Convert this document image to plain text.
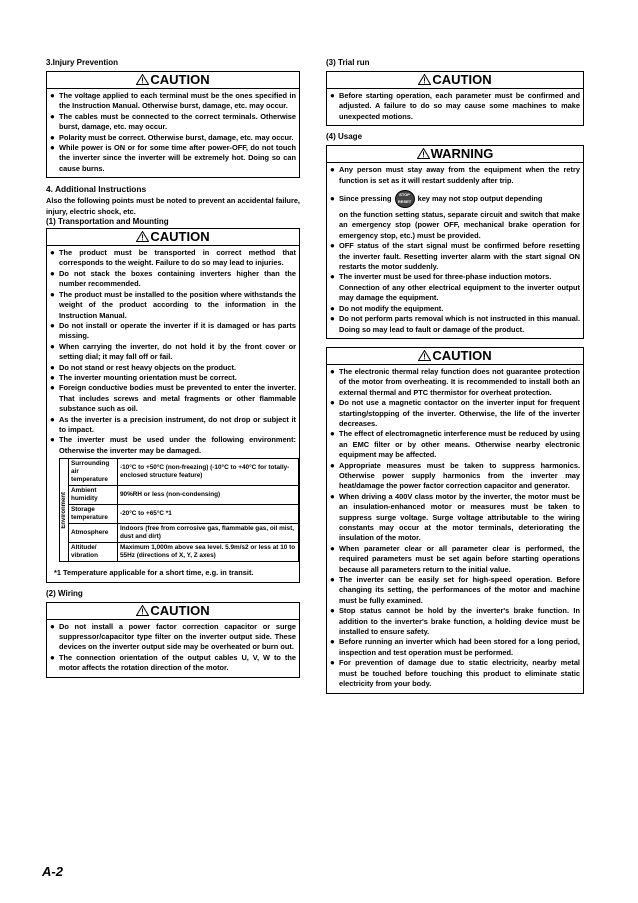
3.Injury Prevention
CAUTION
● The voltage applied to each terminal must be the ones specified in the Instruction Manual. Otherwise burst, damage, etc. may occur.
● The cables must be connected to the correct terminals. Otherwise burst, damage, etc. may occur.
● Polarity must be correct. Otherwise burst, damage, etc. may occur.
● While power is ON or for some time after power-OFF, do not touch the inverter since the inverter will be extremely hot. Doing so can cause burns.
4. Additional Instructions
Also the following points must be noted to prevent an accidental failure, injury, electric shock, etc.
(1) Transportation and Mounting
CAUTION
● The product must be transported in correct method that corresponds to the weight. Failure to do so may lead to injuries.
● Do not stack the boxes containing inverters higher than the number recommended.
● The product must be installed to the position where withstands the weight of the product according to the information in the Instruction Manual.
● Do not install or operate the inverter if it is damaged or has parts missing.
● When carrying the inverter, do not hold it by the front cover or setting dial; it may fall off or fail.
● Do not stand or rest heavy objects on the product.
● The inverter mounting orientation must be correct.
● Foreign conductive bodies must be prevented to enter the inverter. That includes screws and metal fragments or other flammable substance such as oil.
● As the inverter is a precision instrument, do not drop or subject it to impact.
● The inverter must be used under the following environment: Otherwise the inverter may be damaged.
Environment	Surrounding air temperature	-10°C to +50°C (non-freezing) (-10°C to +40°C for totally-enclosed structure feature)
	Ambient humidity	90%RH or less (non-condensing)
	Storage temperature	-20°C to +65°C *1
	Atmosphere	Indoors (free from corrosive gas, flammable gas, oil mist, dust and dirt)
	Altitude/ vibration	Maximum 1,000m above sea level. 5.9m/s2 or less at 10 to 55Hz (directions of X, Y, Z axes)
*1 Temperature applicable for a short time, e.g. in transit.
(2) Wiring
CAUTION
● Do not install a power factor correction capacitor or surge suppressor/capacitor type filter on the inverter output side. These devices on the inverter output side may be overheated or burn out.
● The connection orientation of the output cables U, V, W to the motor affects the rotation direction of the motor.
(3) Trial run
CAUTION
● Before starting operation, each parameter must be confirmed and adjusted. A failure to do so may cause some machines to make unexpected motions.
(4) Usage
WARNING
● Any person must stay away from the equipment when the retry function is set as it will restart suddenly after trip.
● Since pressing STOP RESET key may not stop output depending
on the function setting status, separate circuit and switch that make an emergency stop (power OFF, mechanical brake operation for emergency stop, etc.) must be provided.
● OFF status of the start signal must be confirmed before resetting the inverter fault. Resetting inverter alarm with the start signal ON restarts the motor suddenly.
● The inverter must be used for three-phase induction motors.
Connection of any other electrical equipment to the inverter output may damage the equipment.
● Do not modify the equipment.
● Do not perform parts removal which is not instructed in this manual. Doing so may lead to fault or damage of the product.
CAUTION
● The electronic thermal relay function does not guarantee protection of the motor from overheating. It is recommended to install both an external thermal and PTC thermistor for overheat protection.
● Do not use a magnetic contactor on the inverter input for frequent starting/stopping of the inverter. Otherwise, the life of the inverter decreases.
● The effect of electromagnetic interference must be reduced by using an EMC filter or by other means. Otherwise nearby electronic equipment may be affected.
● Appropriate measures must be taken to suppress harmonics. Otherwise power supply harmonics from the inverter may heat/damage the power factor correction capacitor and generator.
● When driving a 400V class motor by the inverter, the motor must be an insulation-enhanced motor or measures must be taken to suppress surge voltage. Surge voltage attributable to the wiring constants may occur at the motor terminals, deteriorating the insulation of the motor.
● When parameter clear or all parameter clear is performed, the required parameters must be set again before starting operations because all parameters return to the initial value.
● The inverter can be easily set for high-speed operation. Before changing its setting, the performances of the motor and machine must be fully examined.
● Stop status cannot be hold by the inverter's brake function. In addition to the inverter's brake function, a holding device must be installed to ensure safety.
● Before running an inverter which had been stored for a long period, inspection and test operation must be performed.
● For prevention of damage due to static electricity, nearby metal must be touched before touching this product to eliminate static electricity from your body.
A-2
